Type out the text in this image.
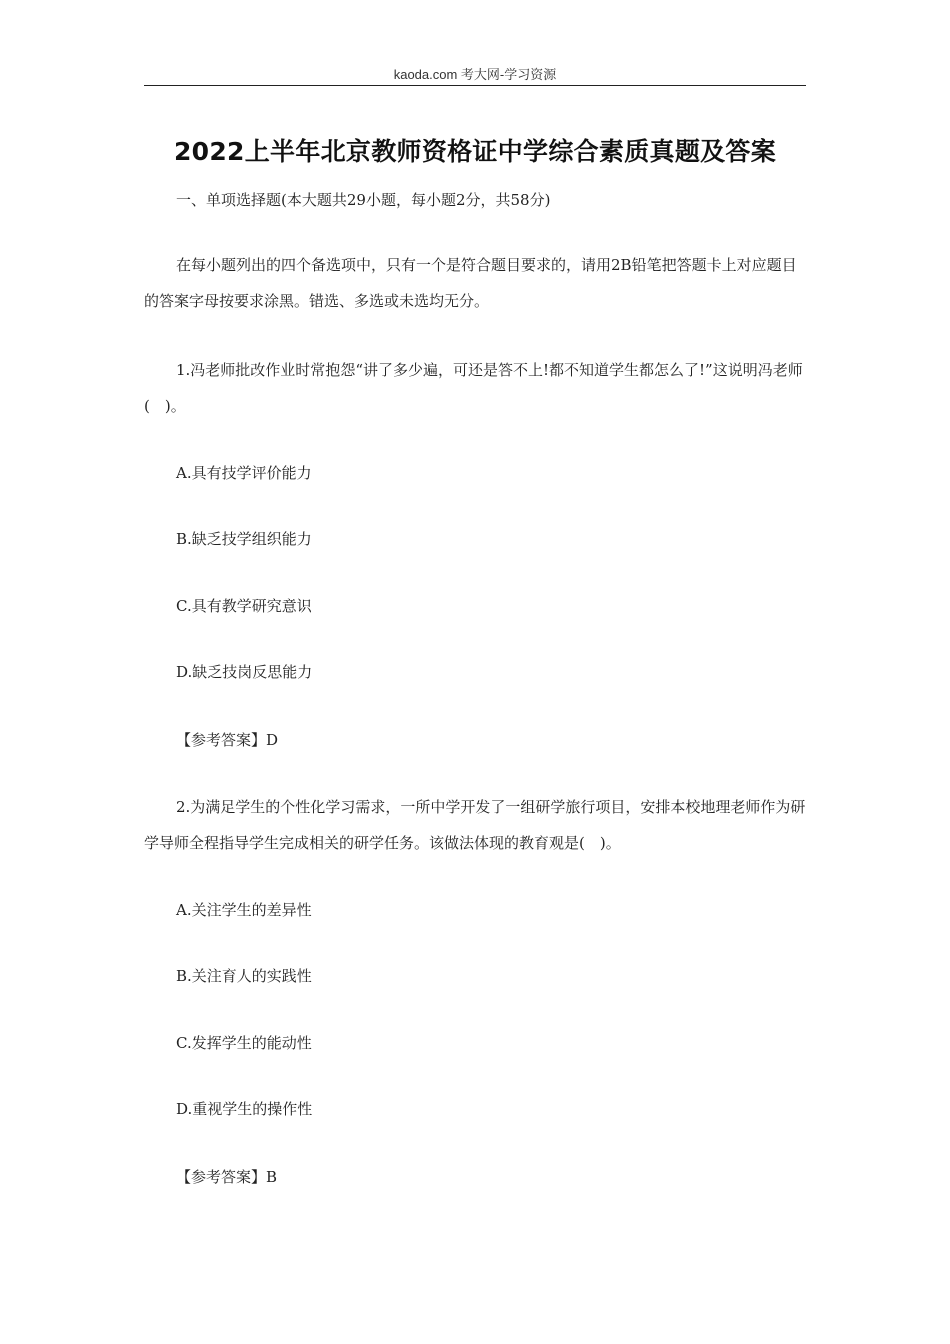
kaoda.com 考大网-学习资源
2022上半年北京教师资格证中学综合素质真题及答案
一、单项选择题(本大题共29小题，每小题2分，共58分)
在每小题列出的四个备选项中，只有一个是符合题目要求的，请用2B铅笔把答题卡上对应题目的答案字母按要求涂黑。错选、多选或未选均无分。
1.冯老师批改作业时常抱怨“讲了多少遍，可还是答不上!都不知道学生都怎么了!”这说明冯老师(　)。
A.具有技学评价能力
B.缺乏技学组织能力
C.具有教学研究意识
D.缺乏技岗反思能力
【参考答案】D
2.为满足学生的个性化学习需求，一所中学开发了一组研学旅行项目，安排本校地理老师作为研学导师全程指导学生完成相关的研学任务。该做法体现的教育观是(　)。
A.关注学生的差异性
B.关注育人的实践性
C.发挥学生的能动性
D.重视学生的操作性
【参考答案】B
